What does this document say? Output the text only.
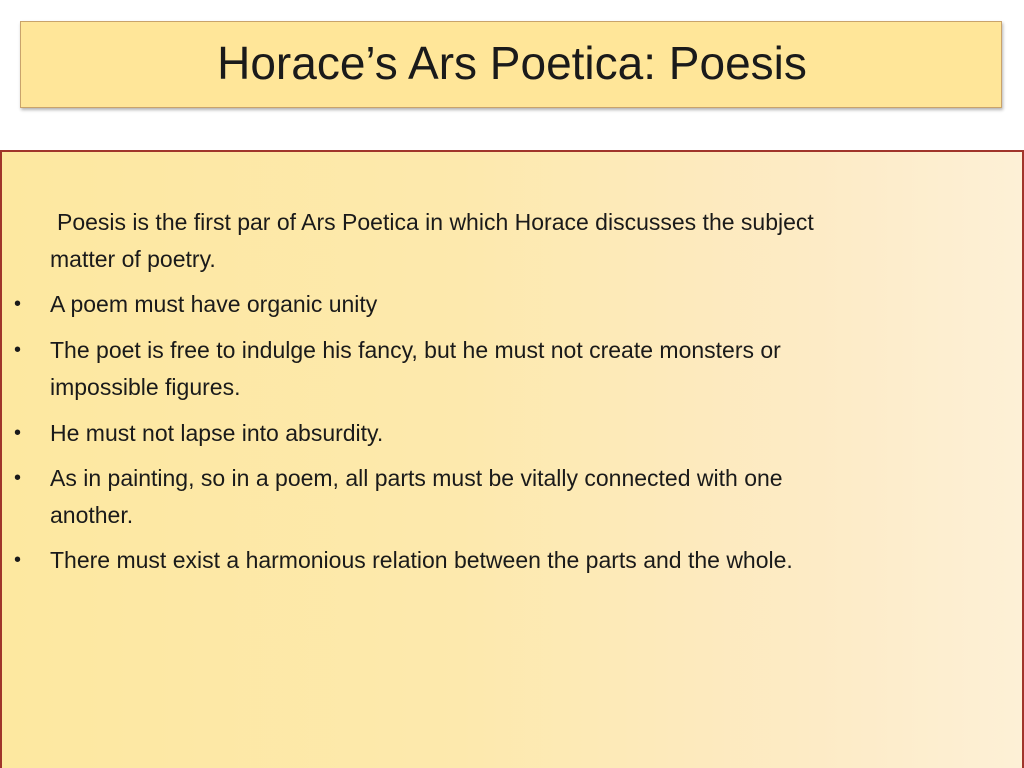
Horace’s Ars Poetica: Poesis
Poesis is the first par of Ars Poetica in which Horace discusses the subject
matter of poetry.
• A poem must have organic unity
• The poet is free to indulge his fancy, but he must not create monsters or
impossible figures.
• He must not lapse into absurdity.
• As in painting, so in a poem, all parts must be vitally connected with one
another.
• There must exist a harmonious relation between the parts and the whole.
